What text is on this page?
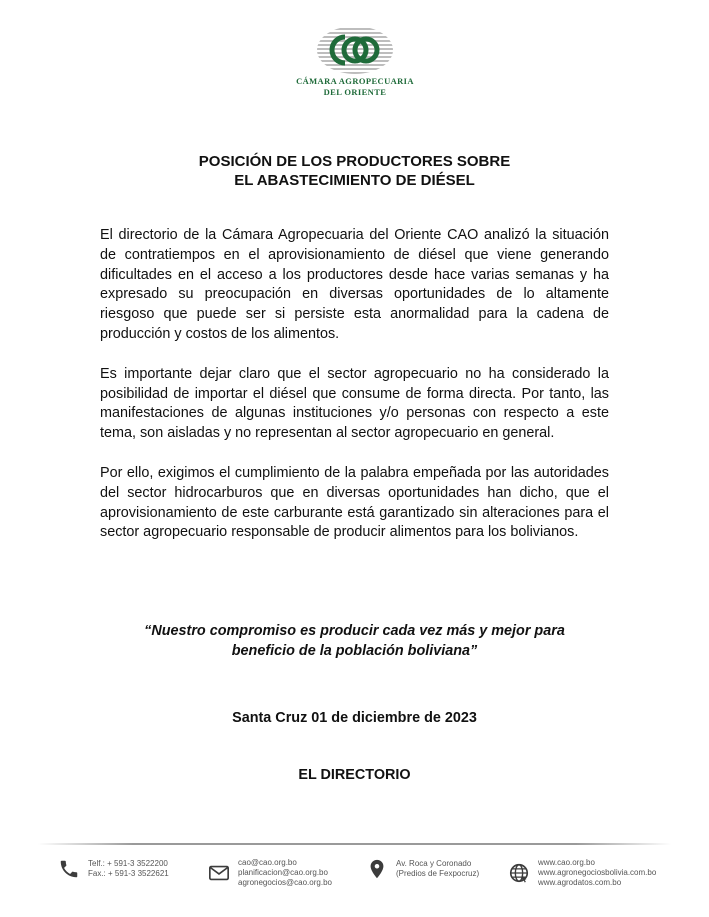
CÁMARA AGROPECUARIA
DEL ORIENTE
POSICIÓN DE LOS PRODUCTORES SOBRE
EL ABASTECIMIENTO DE DIÉSEL

El directorio de la Cámara Agropecuaria del Oriente CAO analizó la situación de contratiempos en el aprovisionamiento de diésel que viene generando dificultades en el acceso a los productores desde hace varias semanas y ha expresado su preocupación en diversas oportunidades de lo altamente riesgoso que puede ser si persiste esta anormalidad para la cadena de producción y costos de los alimentos.

Es importante dejar claro que el sector agropecuario no ha considerado la posibilidad de importar el diésel que consume de forma directa. Por tanto, las manifestaciones de algunas instituciones y/o personas con respecto a este tema, son aisladas y no representan al sector agropecuario en general.

Por ello, exigimos el cumplimiento de la palabra empeñada por las autoridades del sector hidrocarburos que en diversas oportunidades han dicho, que el aprovisionamiento de este carburante está garantizado sin alteraciones para el sector agropecuario responsable de producir alimentos para los bolivianos.

“Nuestro compromiso es producir cada vez más y mejor para
beneficio de la población boliviana”

Santa Cruz 01 de diciembre de 2023

EL DIRECTORIO

Telf.: + 591-3 3522200
Fax.: + 591-3 3522621
cao@cao.org.bo
planificacion@cao.org.bo
agronegocios@cao.org.bo
Av. Roca y Coronado
(Predios de Fexpocruz)
www.cao.org.bo
www.agronegociosbolivia.com.bo
www.agrodatos.com.bo
